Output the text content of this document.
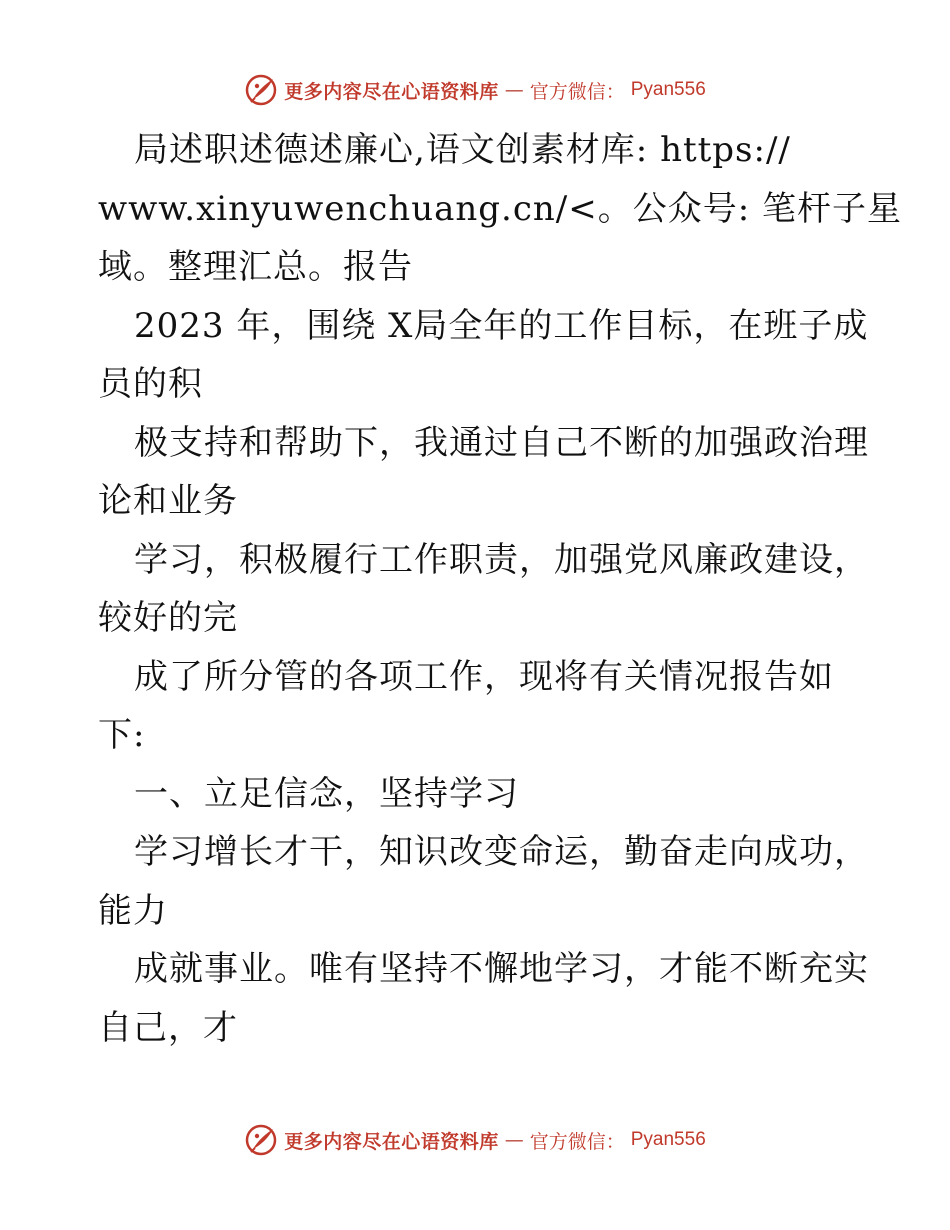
更多内容尽在心语资料库 — 官方微信： Pyan556
局述职述德述廉心,语文创素材库: https://
www.xinyuwenchuang.cn/<。公众号: 笔杆子星
域。整理汇总。报告
2023 年，围绕 X局全年的工作目标，在班子成
员的积
极支持和帮助下，我通过自己不断的加强政治理
论和业务
学习，积极履行工作职责，加强党风廉政建设，
较好的完
成了所分管的各项工作，现将有关情况报告如
下:
一、立足信念，坚持学习
学习增长才干，知识改变命运，勤奋走向成功，
能力
成就事业。唯有坚持不懈地学习，才能不断充实
自己，才
更多内容尽在心语资料库 — 官方微信： Pyan556
